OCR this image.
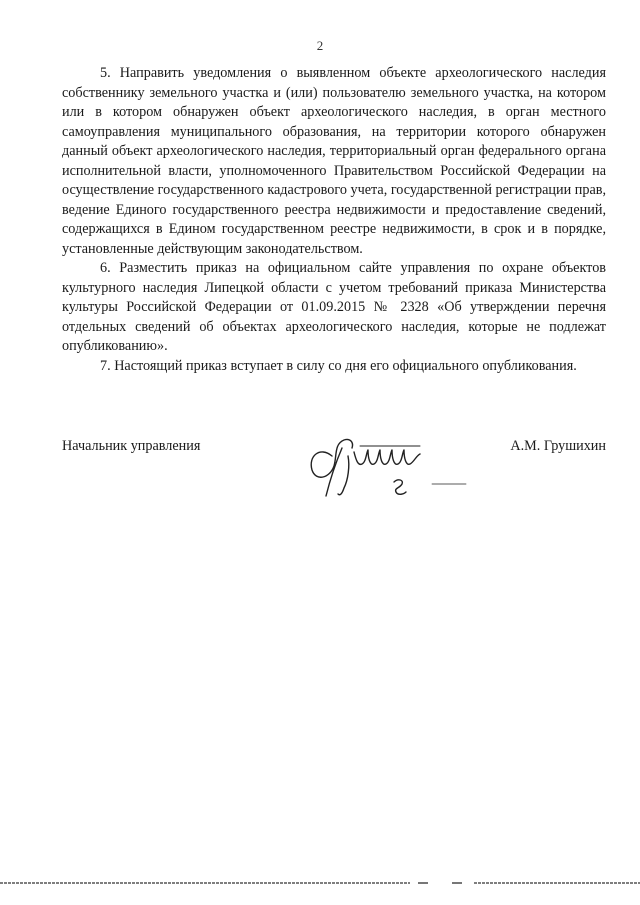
2

5. Направить уведомления о выявленном объекте археологического наследия собственнику земельного участка и (или) пользователю земельного участка, на котором или в котором обнаружен объект археологического наследия, в орган местного самоуправления муниципального образования, на территории которого обнаружен данный объект археологического наследия, территориальный орган федерального органа исполнительной власти, уполномоченного Правительством Российской Федерации на осуществление государственного кадастрового учета, государственной регистрации прав, ведение Единого государственного реестра недвижимости и предоставление сведений, содержащихся в Едином государственном реестре недвижимости, в срок и в порядке, установленные действующим законодательством.

6. Разместить приказ на официальном сайте управления по охране объектов культурного наследия Липецкой области с учетом требований приказа Министерства культуры Российской Федерации от 01.09.2015 № 2328 «Об утверждении перечня отдельных сведений об объектах археологического наследия, которые не подлежат опубликованию».

7. Настоящий приказ вступает в силу со дня его официального опубликования.

Начальник управления	А.М. Грушихин
